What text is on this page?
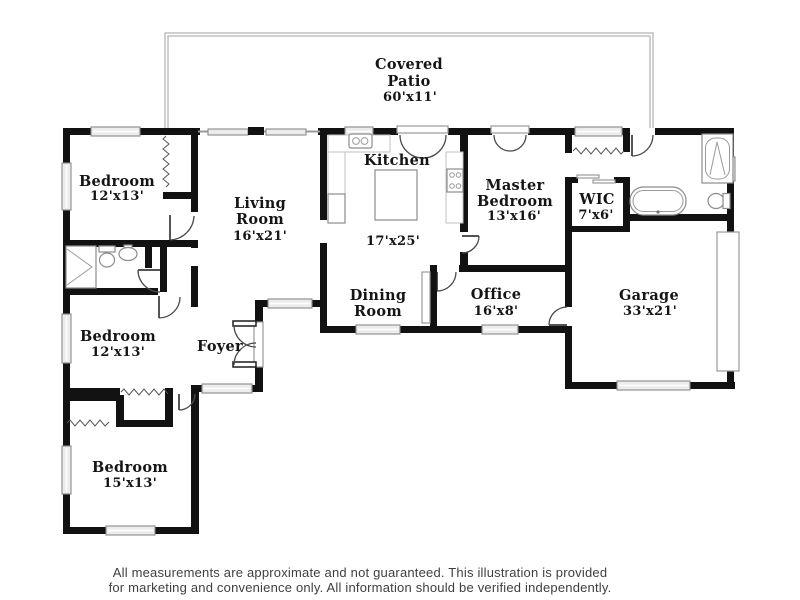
Covered
Patio
60'x11'
Bedroom
12'x13'	Living
Room
16'x21'
Kitchen
17'x25'
Master
Bedroom
13'x16'
WIC
7'x6'
Garage
33'x21'
Dining
Room
Office
16'x8'
Foyer
Bedroom
12'x13'
Bedroom
15'x13'
All measurements are approximate and not guaranteed. This illustration is provided
for marketing and convenience only. All information should be verified independently.
